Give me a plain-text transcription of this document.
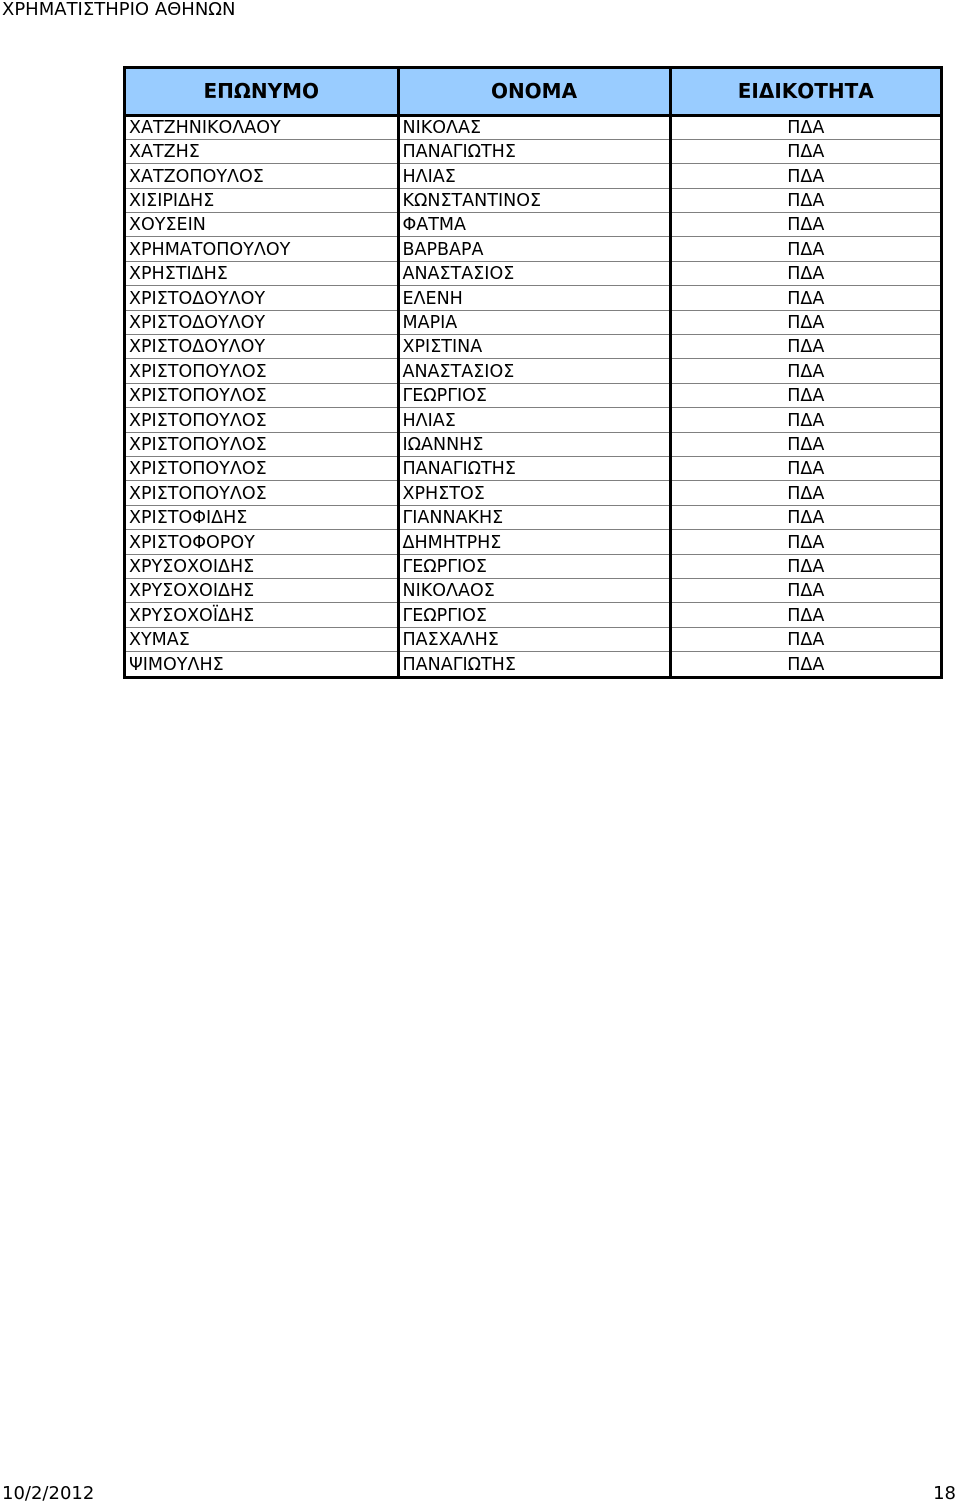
ΧΡΗΜΑΤΙΣΤΗΡΙΟ ΑΘΗΝΩΝ
ΕΠΩΝΥΜΟ	ΟΝΟΜΑ	ΕΙΔΙΚΟΤΗΤΑ
ΧΑΤΖΗΝΙΚΟΛΑΟΥ	ΝΙΚΟΛΑΣ	ΠΔΑ
ΧΑΤΖΗΣ	ΠΑΝΑΓΙΩΤΗΣ	ΠΔΑ
ΧΑΤΖΟΠΟΥΛΟΣ	ΗΛΙΑΣ	ΠΔΑ
ΧΙΣΙΡΙΔΗΣ	ΚΩΝΣΤΑΝΤΙΝΟΣ	ΠΔΑ
ΧΟΥΣΕΙΝ	ΦΑΤΜΑ	ΠΔΑ
ΧΡΗΜΑΤΟΠΟΥΛΟΥ	ΒΑΡΒΑΡΑ	ΠΔΑ
ΧΡΗΣΤΙΔΗΣ	ΑΝΑΣΤΑΣΙΟΣ	ΠΔΑ
ΧΡΙΣΤΟΔΟΥΛΟΥ	ΕΛΕΝΗ	ΠΔΑ
ΧΡΙΣΤΟΔΟΥΛΟΥ	ΜΑΡΙΑ	ΠΔΑ
ΧΡΙΣΤΟΔΟΥΛΟΥ	ΧΡΙΣΤΙΝΑ	ΠΔΑ
ΧΡΙΣΤΟΠΟΥΛΟΣ	ΑΝΑΣΤΑΣΙΟΣ	ΠΔΑ
ΧΡΙΣΤΟΠΟΥΛΟΣ	ΓΕΩΡΓΙΟΣ	ΠΔΑ
ΧΡΙΣΤΟΠΟΥΛΟΣ	ΗΛΙΑΣ	ΠΔΑ
ΧΡΙΣΤΟΠΟΥΛΟΣ	ΙΩΑΝΝΗΣ	ΠΔΑ
ΧΡΙΣΤΟΠΟΥΛΟΣ	ΠΑΝΑΓΙΩΤΗΣ	ΠΔΑ
ΧΡΙΣΤΟΠΟΥΛΟΣ	ΧΡΗΣΤΟΣ	ΠΔΑ
ΧΡΙΣΤΟΦΙΔΗΣ	ΓΙΑΝΝΑΚΗΣ	ΠΔΑ
ΧΡΙΣΤΟΦΟΡΟΥ	ΔΗΜΗΤΡΗΣ	ΠΔΑ
ΧΡΥΣΟΧΟΙΔΗΣ	ΓΕΩΡΓΙΟΣ	ΠΔΑ
ΧΡΥΣΟΧΟΙΔΗΣ	ΝΙΚΟΛΑΟΣ	ΠΔΑ
ΧΡΥΣΟΧΟΪΔΗΣ	ΓΕΩΡΓΙΟΣ	ΠΔΑ
ΧΥΜΑΣ	ΠΑΣΧΑΛΗΣ	ΠΔΑ
ΨΙΜΟΥΛΗΣ	ΠΑΝΑΓΙΩΤΗΣ	ΠΔΑ
10/2/2012	18
